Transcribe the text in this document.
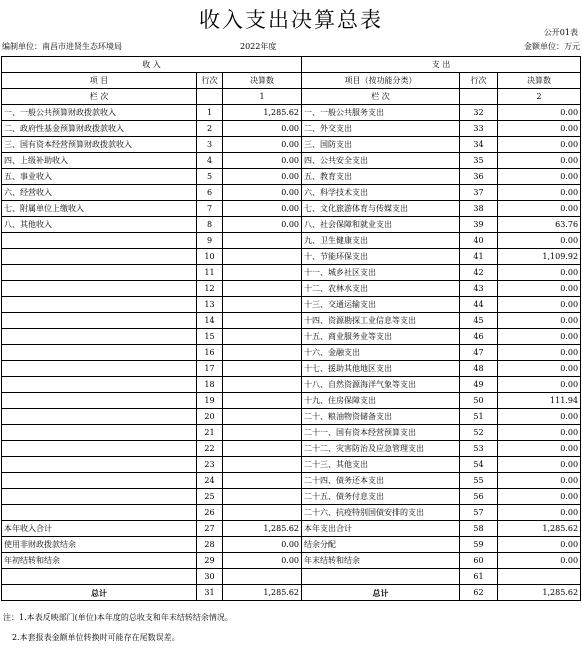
收入支出决算总表
公开01表
编制单位：南昌市进贤生态环境局	2022年度	金额单位：万元
收 入			支 出		
项 目	行次	决算数	项目（按功能分类）	行次	决算数
栏 次		1	栏 次		2
一、一般公共预算财政拨款收入	1	1,285.62	一、一般公共服务支出	32	0.00
二、政府性基金预算财政拨款收入	2	0.00	二、外交支出	33	0.00
三、国有资本经营预算财政拨款收入	3	0.00	三、国防支出	34	0.00
四、上级补助收入	4	0.00	四、公共安全支出	35	0.00
五、事业收入	5	0.00	五、教育支出	36	0.00
六、经营收入	6	0.00	六、科学技术支出	37	0.00
七、附属单位上缴收入	7	0.00	七、文化旅游体育与传媒支出	38	0.00
八、其他收入	8	0.00	八、社会保障和就业支出	39	63.76
	9		九、卫生健康支出	40	0.00
	10		十、节能环保支出	41	1,109.92
	11		十一、城乡社区支出	42	0.00
	12		十二、农林水支出	43	0.00
	13		十三、交通运输支出	44	0.00
	14		十四、资源勘探工业信息等支出	45	0.00
	15		十五、商业服务业等支出	46	0.00
	16		十六、金融支出	47	0.00
	17		十七、援助其他地区支出	48	0.00
	18		十八、自然资源海洋气象等支出	49	0.00
	19		十九、住房保障支出	50	111.94
	20		二十、粮油物资储备支出	51	0.00
	21		二十一、国有资本经营预算支出	52	0.00
	22		二十二、灾害防治及应急管理支出	53	0.00
	23		二十三、其他支出	54	0.00
	24		二十四、债务还本支出	55	0.00
	25		二十五、债务付息支出	56	0.00
	26		二十六、抗疫特别国债安排的支出	57	0.00
本年收入合计	27	1,285.62	本年支出合计	58	1,285.62
使用非财政拨款结余	28	0.00	结余分配	59	0.00
年初结转和结余	29	0.00	年末结转和结余	60	0.00
	30			61	
总计	31	1,285.62	总计	62	1,285.62
注：1.本表反映部门(单位)本年度的总收支和年末结转结余情况。
2.本套报表金额单位转换时可能存在尾数误差。
